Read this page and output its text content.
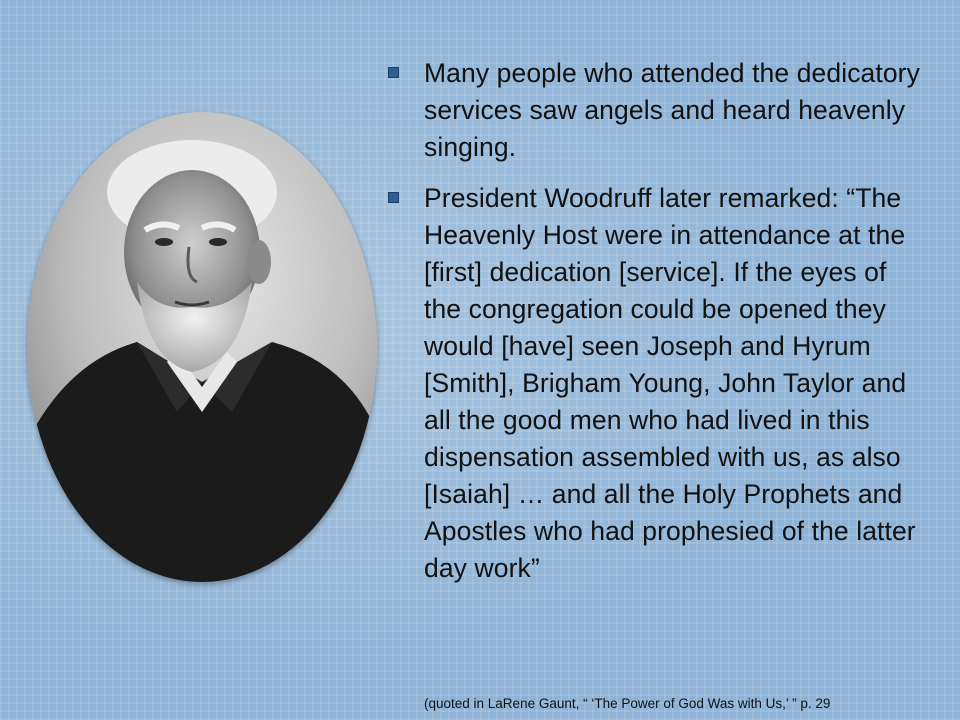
Many people who attended the dedicatory services saw angels and heard heavenly singing.
President Woodruff later remarked: “The Heavenly Host were in attendance at the [first] dedication [service]. If the eyes of the congregation could be opened they would [have] seen Joseph and Hyrum [Smith], Brigham Young, John Taylor and all the good men who had lived in this dispensation assembled with us, as also [Isaiah] … and all the Holy Prophets and Apostles who had prophesied of the latter day work”
(quoted in LaRene Gaunt, “ ‘The Power of God Was with Us,’ ” p. 29
